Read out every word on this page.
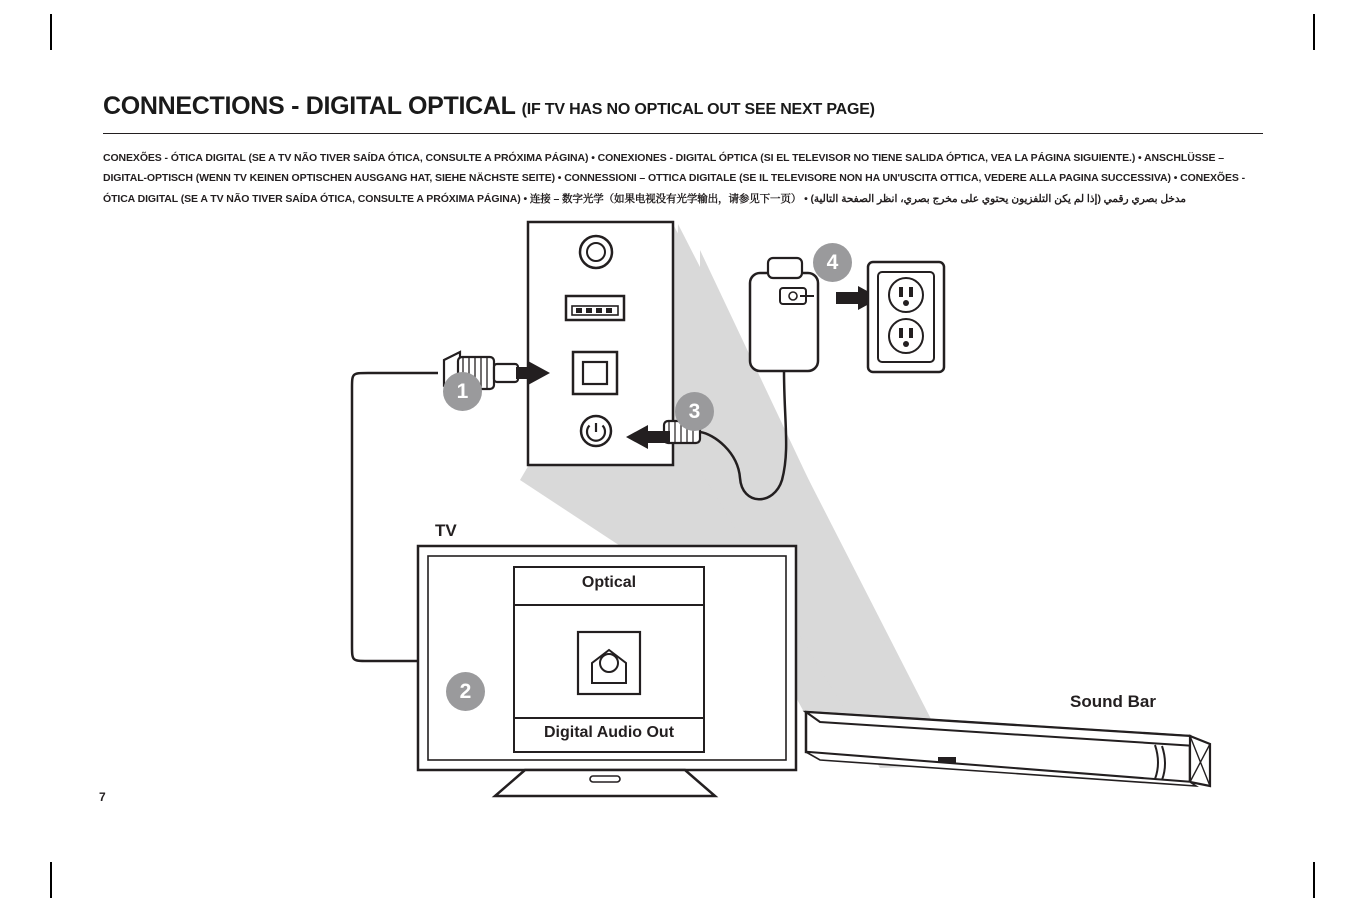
CONNECTIONS - DIGITAL OPTICAL (IF TV HAS NO OPTICAL OUT SEE NEXT PAGE)
CONEXÕES - ÓTICA DIGITAL (SE A TV NÃO TIVER SAÍDA ÓTICA, CONSULTE A PRÓXIMA PÁGINA) • CONEXIONES - DIGITAL ÓPTICA (SI EL TELEVISOR NO TIENE SALIDA ÓPTICA, VEA LA PÁGINA SIGUIENTE.) • ANSCHLÜSSE – DIGITAL-OPTISCH (WENN TV KEINEN OPTISCHEN AUSGANG HAT, SIEHE NÄCHSTE SEITE) • CONNESSIONI – OTTICA DIGITALE (SE IL TELEVISORE NON HA UN'USCITA OTTICA, VEDERE ALLA PAGINA SUCCESSIVA) • CONEXÕES - ÓTICA DIGITAL (SE A TV NÃO TIVER SAÍDA ÓTICA, CONSULTE A PRÓXIMA PÁGINA) • 连接 – 数字光学（如果电视没有光学输出，请参见下一页） • (إذا لم يكن التلفزيون يحتوي على مخرج بصري، انظر الصفحة التالية) مدخل بصري رقمي
7
TV
Sound Bar
Optical
Digital Audio Out
1
2
3
4
